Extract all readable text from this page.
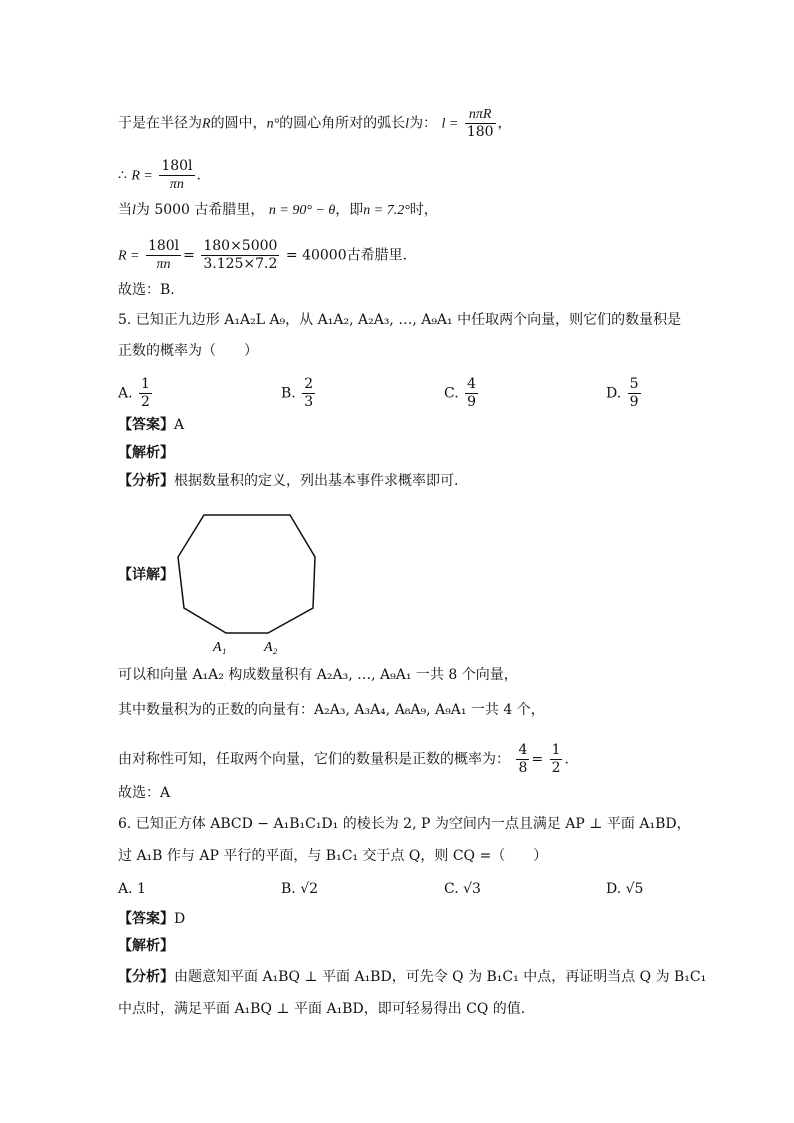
于是在半径为R的圆中，n°的圆心角所对的弧长l为： $l = \frac{\text{nπR}}{180}$ ，
∴ $R = \frac{180l}{\pi n}$ .
当l为 5000 古希腊里， n = 90° − θ，即n = 7.2°时，
$R = \frac{180l}{\pi n} = \frac{180\times 5000}{3.125\times 7.2} = 40000$古希腊里.
故选：B.
5. 已知正九边形 A₁A₂L A₉，从 A₁A₂, A₂A₃, …, A₉A₁ 中任取两个向量，则它们的数量积是
正数的概率为（　　）
A. $\frac{1}{2}$	B. $\frac{2}{3}$	C. $\frac{4}{9}$	D. $\frac{5}{9}$
【答案】A
【解析】
【分析】根据数量积的定义，列出基本事件求概率即可.
【详解】
A₁	A₂
可以和向量 A₁A₂ 构成数量积有 A₂A₃, …, A₉A₁ 一共 8 个向量，
其中数量积为的正数的向量有：A₂A₃, A₃A₄, A₈A₉, A₉A₁ 一共 4 个，
由对称性可知，任取两个向量，它们的数量积是正数的概率为： $\frac{4}{8} = \frac{1}{2}$ .
故选：A
6. 已知正方体 ABCD − A₁B₁C₁D₁ 的棱长为 2, P 为空间内一点且满足 AP ⊥ 平面 A₁BD，
过 A₁B 作与 AP 平行的平面，与 B₁C₁ 交于点 Q，则 CQ =（　　）
A. 1	B. √2	C. √3	D. √5
【答案】D
【解析】
【分析】由题意知平面 A₁BQ ⊥ 平面 A₁BD，可先令 Q 为 B₁C₁ 中点，再证明当点 Q 为 B₁C₁
中点时，满足平面 A₁BQ ⊥ 平面 A₁BD，即可轻易得出 CQ 的值.
